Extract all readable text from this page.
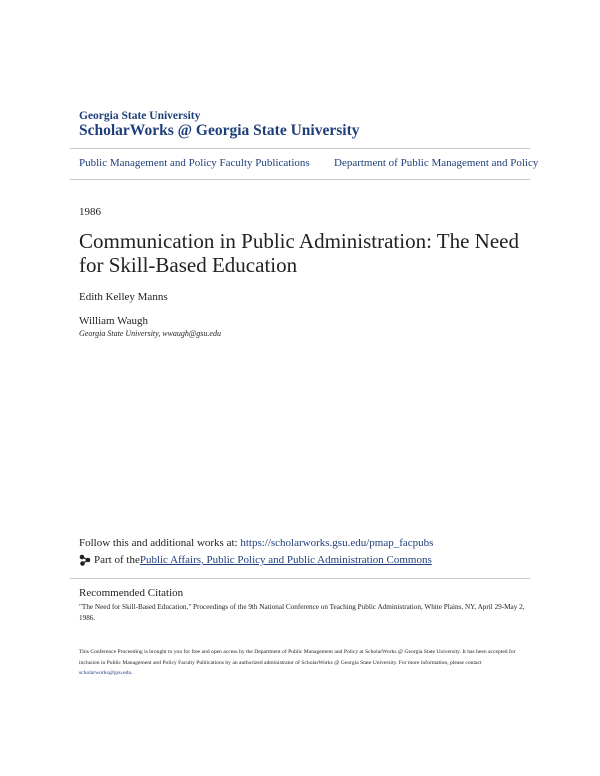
Georgia State University
ScholarWorks @ Georgia State University
Public Management and Policy Faculty Publications Department of Public Management and Policy
1986
Communication in Public Administration: The Need for Skill-Based Education
Edith Kelley Manns
William Waugh
Georgia State University, wwaugh@gsu.edu
Follow this and additional works at: https://scholarworks.gsu.edu/pmap_facpubs
Part of the Public Affairs, Public Policy and Public Administration Commons
Recommended Citation
"The Need for Skill-Based Education," Proceedings of the 9th National Conference on Teaching Public Administration, White Plains, NY, April 29-May 2, 1986.
This Conference Proceeding is brought to you for free and open access by the Department of Public Management and Policy at ScholarWorks @ Georgia State University. It has been accepted for inclusion in Public Management and Policy Faculty Publications by an authorized administrator of ScholarWorks @ Georgia State University. For more information, please contact scholarworks@gsu.edu.
